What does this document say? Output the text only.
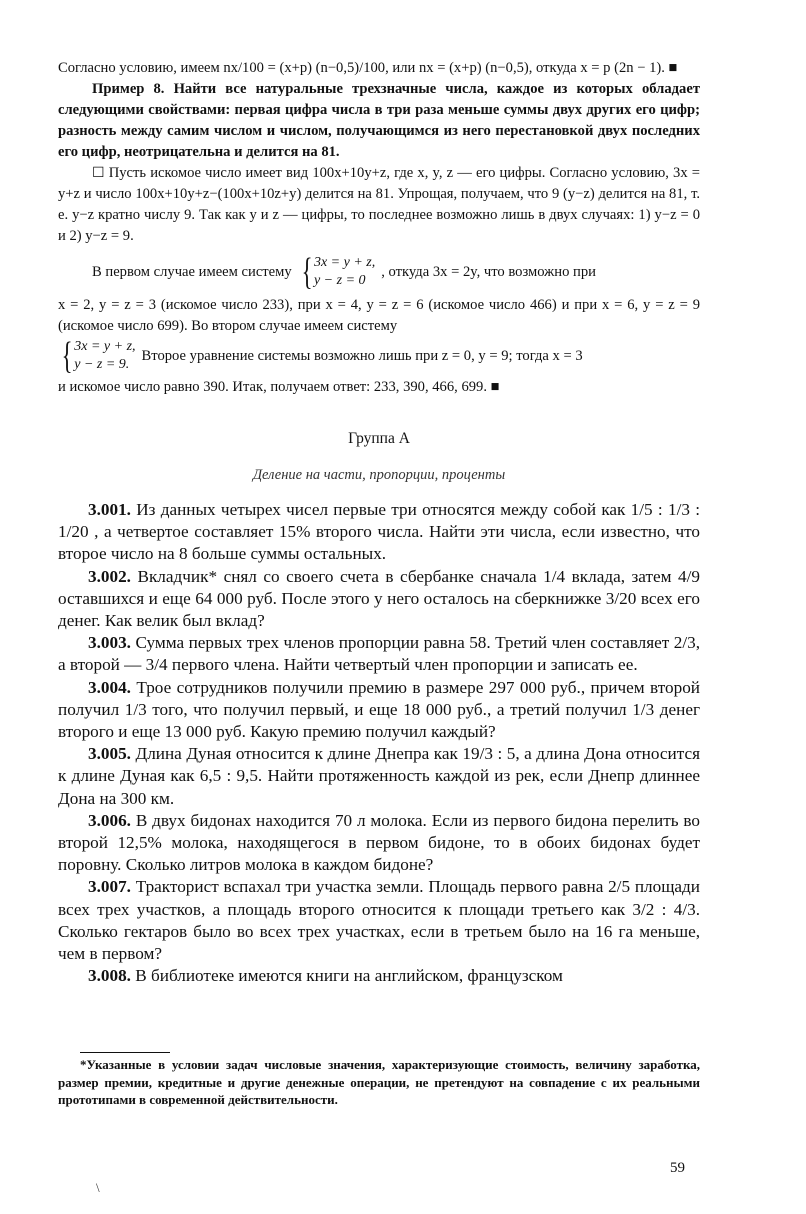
Согласно условию, имеем nx/100 = (x+p) (n−0,5)/100, или nx = (x+p) (n−0,5), откуда x = p (2n − 1). ■

Пример 8. Найти все натуральные трехзначные числа, каждое из которых обладает следующими свойствами: первая цифра числа в три раза меньше суммы двух других его цифр; разность между самим числом и числом, получающимся из него перестановкой двух последних его цифр, неотрицательна и делится на 81.

☐ Пусть искомое число имеет вид 100x+10y+z, где x, y, z — его цифры. Согласно условию, 3x = y+z и число 100x+10y+z−(100x+10z+y) делится на 81. Упрощая, получаем, что 9 (y−z) делится на 81, т. е. y−z кратно числу 9. Так как y и z — цифры, то последнее возможно лишь в двух случаях: 1) y−z = 0 и 2) y−z = 9.

В первом случае имеем систему { 3x = y + z,
y − z = 0
, откуда 3x = 2y, что возможно при

x = 2, y = z = 3 (искомое число 233), при x = 4, y = z = 6 (искомое число 466) и при x = 6, y = z = 9 (искомое число 699). Во втором случае имеем систему

{ 3x = y + z,
y − z = 9.
Второе уравнение системы возможно лишь при z = 0, y = 9; тогда x = 3

и искомое число равно 390. Итак, получаем ответ: 233, 390, 466, 699. ■

Группа А
Деление на части, пропорции, проценты

3.001. Из данных четырех чисел первые три относятся между собой как 1/5 : 1/3 : 1/20 , а четвертое составляет 15% второго числа. Найти эти числа, если известно, что второе число на 8 больше суммы остальных.

3.002. Вкладчик* снял со своего счета в сбербанке сначала 1/4 вклада, затем 4/9 оставшихся и еще 64 000 руб. После этого у него осталось на сберкнижке 3/20 всех его денег. Как велик был вклад?

3.003. Сумма первых трех членов пропорции равна 58. Третий член составляет 2/3, а второй — 3/4 первого члена. Найти четвертый член пропорции и записать ее.

3.004. Трое сотрудников получили премию в размере 297 000 руб., причем второй получил 1/3 того, что получил первый, и еще 18 000 руб., а третий получил 1/3 денег второго и еще 13 000 руб. Какую премию получил каждый?

3.005. Длина Дуная относится к длине Днепра как 19/3 : 5, а длина Дона относится к длине Дуная как 6,5 : 9,5. Найти протяженность каждой из рек, если Днепр длиннее Дона на 300 км.

3.006. В двух бидонах находится 70 л молока. Если из первого бидона перелить во второй 12,5% молока, находящегося в первом бидоне, то в обоих бидонах будет поровну. Сколько литров молока в каждом бидоне?

3.007. Тракторист вспахал три участка земли. Площадь первого равна 2/5 площади всех трех участков, а площадь второго относится к площади третьего как 3/2 : 4/3. Сколько гектаров было во всех трех участках, если в третьем было на 16 га меньше, чем в первом?

3.008. В библиотеке имеются книги на английском, французском

*Указанные в условии задач числовые значения, характеризующие стоимость, величину заработка, размер премии, кредитные и другие денежные операции, не претендуют на совпадение с их реальными прототипами в современной действительности.
59
\
